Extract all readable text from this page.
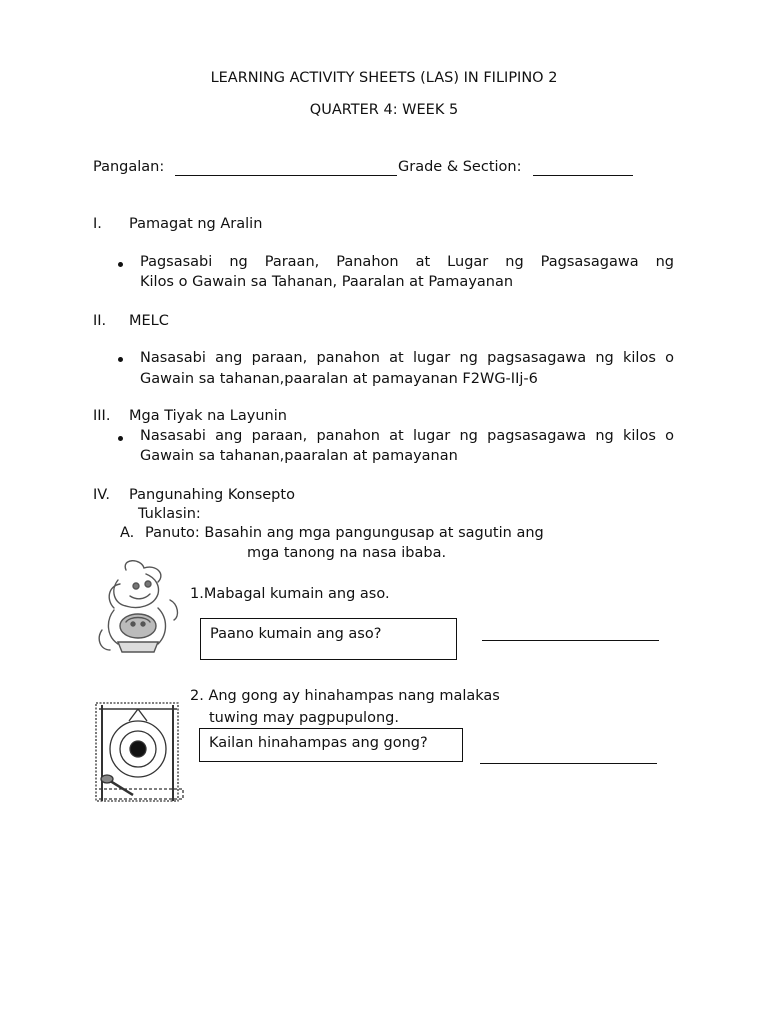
LEARNING ACTIVITY SHEETS (LAS) IN FILIPINO 2
QUARTER 4: WEEK 5
Pangalan:	Grade & Section:
I. Pamagat ng Aralin
Pagsasabi ng Paraan, Panahon at Lugar ng Pagsasagawa ng
Kilos o Gawain sa Tahanan, Paaralan at Pamayanan
II. MELC
Nasasabi ang paraan, panahon at lugar ng pagsasagawa ng kilos o
Gawain sa tahanan,paaralan at pamayanan F2WG-IIj-6
III. Mga Tiyak na Layunin
Nasasabi ang paraan, panahon at lugar ng pagsasagawa ng kilos o
Gawain sa tahanan,paaralan at pamayanan
IV. Pangunahing Konsepto
Tuklasin:
A. Panuto: Basahin ang mga pangungusap at sagutin ang
mga tanong na nasa ibaba.
1.Mabagal kumain ang aso.
Paano kumain ang aso?
2. Ang gong ay hinahampas nang malakas
tuwing may pagpupulong.
Kailan hinahampas ang gong?
